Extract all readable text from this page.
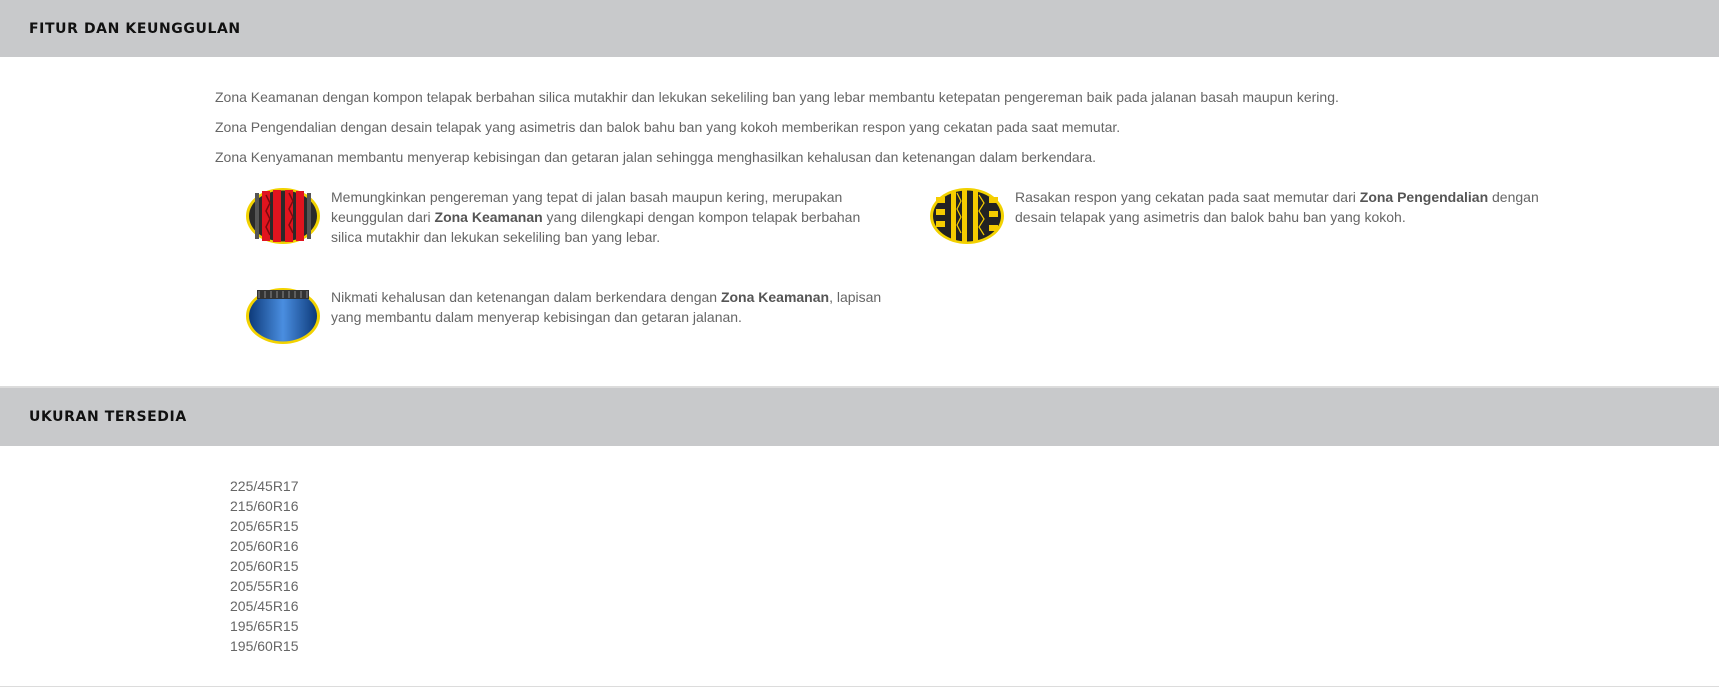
FITUR DAN KEUNGGULAN

Zona Keamanan dengan kompon telapak berbahan silica mutakhir dan lekukan sekeliling ban yang lebar membantu ketepatan pengereman baik pada jalanan basah maupun kering.

Zona Pengendalian dengan desain telapak yang asimetris dan balok bahu ban yang kokoh memberikan respon yang cekatan pada saat memutar.

Zona Kenyamanan membantu menyerap kebisingan dan getaran jalan sehingga menghasilkan kehalusan dan ketenangan dalam berkendara.

Memungkinkan pengereman yang tepat di jalan basah maupun kering, merupakan keunggulan dari Zona Keamanan yang dilengkapi dengan kompon telapak berbahan silica mutakhir dan lekukan sekeliling ban yang lebar.
Rasakan respon yang cekatan pada saat memutar dari Zona Pengendalian dengan desain telapak yang asimetris dan balok bahu ban yang kokoh.
Nikmati kehalusan dan ketenangan dalam berkendara dengan Zona Keamanan, lapisan yang membantu dalam menyerap kebisingan dan getaran jalanan.
UKURAN TERSEDIA
225/45R17
215/60R16
205/65R15
205/60R16
205/60R15
205/55R16
205/45R16
195/65R15
195/60R15
